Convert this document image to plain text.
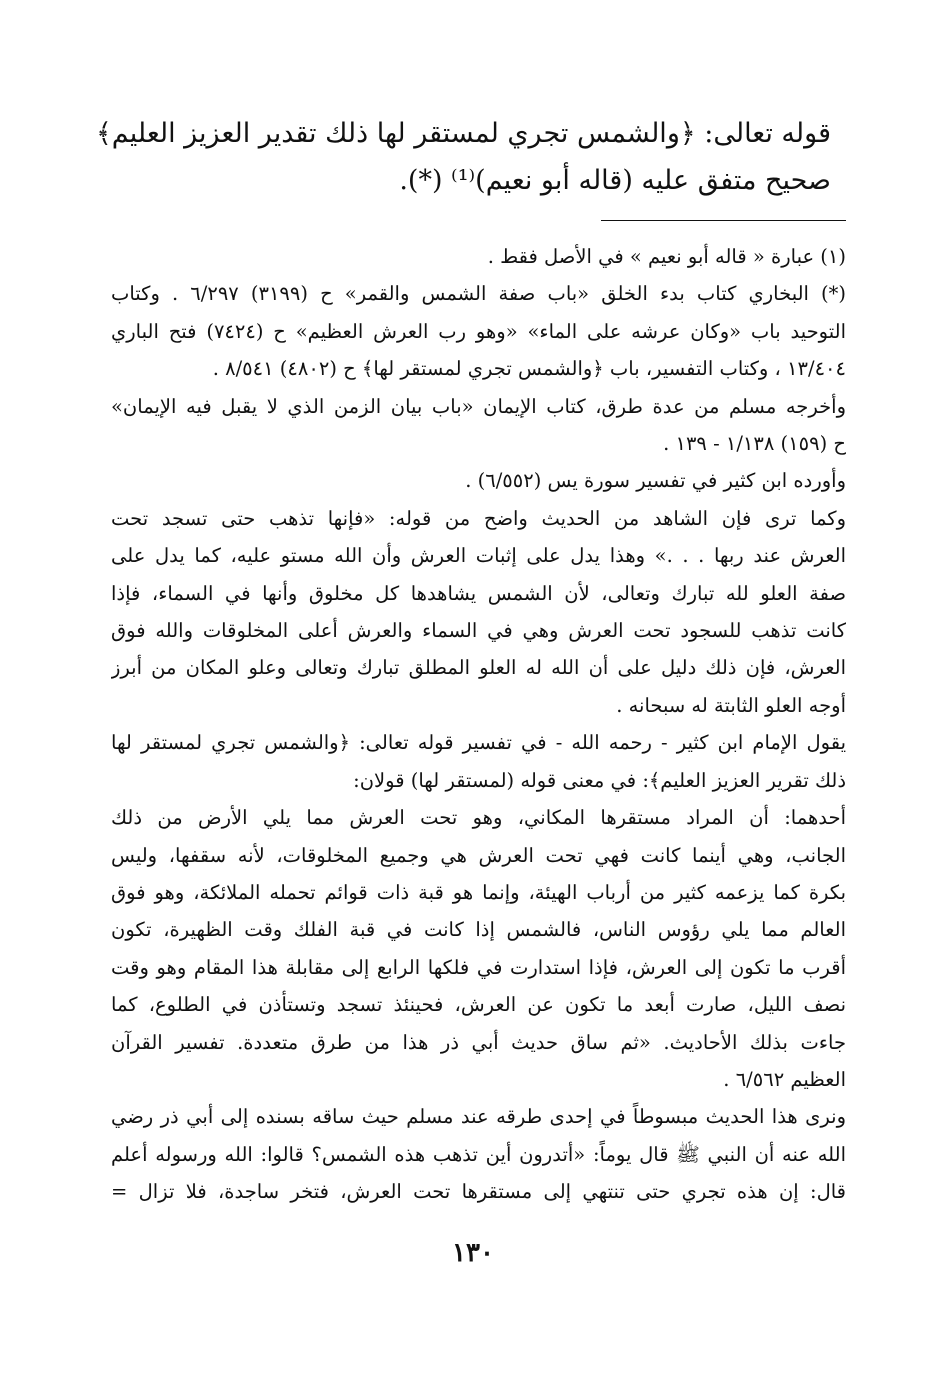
قوله تعالى: ﴿والشمس تجري لمستقر لها ذلك تقدير العزيز العليم﴾
صحيح متفق عليه (قاله أبو نعيم)⁽¹⁾ (*).
(١) عبارة « قاله أبو نعيم » في الأصل فقط .
(*) البخاري كتاب بدء الخلق «باب صفة الشمس والقمر» ح (٣١٩٩) ٦/٢٩٧ . وكتاب
التوحيد باب «وكان عرشه على الماء» «وهو رب العرش العظيم» ح (٧٤٢٤) فتح الباري
١٣/٤٠٤ ، وكتاب التفسير، باب ﴿والشمس تجري لمستقر لها﴾ ح (٤٨٠٢) ٨/٥٤١ .
وأخرجه مسلم من عدة طرق، كتاب الإيمان «باب بيان الزمن الذي لا يقبل فيه الإيمان»
ح (١٥٩) ١/١٣٨ - ١٣٩ .
وأورده ابن كثير في تفسير سورة يس (٦/٥٥٢) .
وكما ترى فإن الشاهد من الحديث واضح من قوله: «فإنها تذهب حتى تسجد تحت
العرش عند ربها . . .» وهذا يدل على إثبات العرش وأن الله مستو عليه، كما يدل على
صفة العلو لله تبارك وتعالى، لأن الشمس يشاهدها كل مخلوق وأنها في السماء، فإذا
كانت تذهب للسجود تحت العرش وهي في السماء والعرش أعلى المخلوقات والله فوق
العرش، فإن ذلك دليل على أن الله له العلو المطلق تبارك وتعالى وعلو المكان من أبرز
أوجه العلو الثابتة له سبحانه .
يقول الإمام ابن كثير - رحمه الله - في تفسير قوله تعالى: ﴿والشمس تجري لمستقر لها
ذلك تقرير العزيز العليم﴾: في معنى قوله (لمستقر لها) قولان:
أحدهما: أن المراد مستقرها المكاني، وهو تحت العرش مما يلي الأرض من ذلك
الجانب، وهي أينما كانت فهي تحت العرش هي وجميع المخلوقات، لأنه سقفها، وليس
بكرة كما يزعمه كثير من أرباب الهيئة، وإنما هو قبة ذات قوائم تحمله الملائكة، وهو فوق
العالم مما يلي رؤوس الناس، فالشمس إذا كانت في قبة الفلك وقت الظهيرة، تكون
أقرب ما تكون إلى العرش، فإذا استدارت في فلكها الرابع إلى مقابلة هذا المقام وهو وقت
نصف الليل، صارت أبعد ما تكون عن العرش، فحينئذ تسجد وتستأذن في الطلوع، كما
جاءت بذلك الأحاديث. «ثم ساق حديث أبي ذر هذا من طرق متعددة. تفسير القرآن
العظيم ٦/٥٦٢ .
ونرى هذا الحديث مبسوطاً في إحدى طرقه عند مسلم حيث ساقه بسنده إلى أبي ذر رضي
الله عنه أن النبي ﷺ قال يوماً: «أتدرون أين تذهب هذه الشمس؟ قالوا: الله ورسوله أعلم
قال: إن هذه تجري حتى تنتهي إلى مستقرها تحت العرش، فتخر ساجدة، فلا تزال =
١٣٠
